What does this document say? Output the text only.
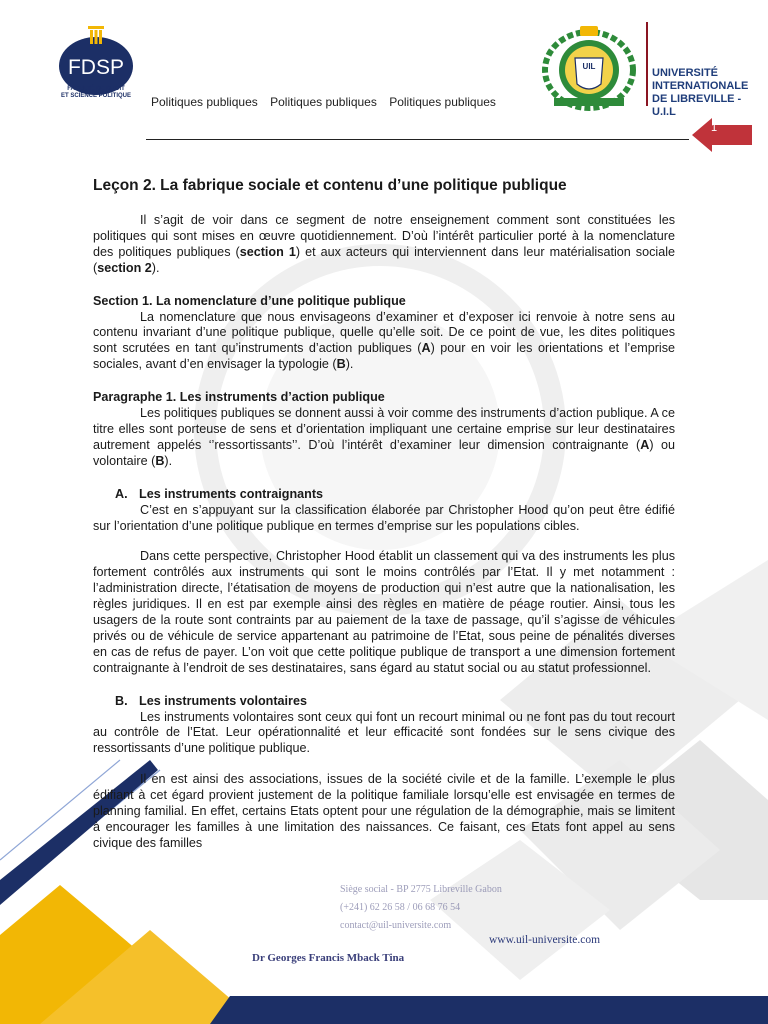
FDSP
FACULTÉ DE DROIT
ET SCIENCE POLITIQUE	Politiques publiques Politiques publiques Politiques publiques
UIL
UNIVERSITÉ
INTERNATIONALE
DE LIBREVILLE - U.I.L
1
Leçon 2. La fabrique sociale et contenu d’une politique publique

Il s’agit de voir dans ce segment de notre enseignement comment sont constituées les politiques qui sont mises en œuvre quotidiennement. D’où l’intérêt particulier porté à la nomenclature des politiques publiques (section 1) et aux acteurs qui interviennent dans leur matérialisation sociale (section 2).

Section 1. La nomenclature d’une politique publique

La nomenclature que nous envisageons d’examiner et d’exposer ici renvoie à notre sens au contenu invariant d’une politique publique, quelle qu’elle soit. De ce point de vue, les dites politiques sont scrutées en tant qu’instruments d’action publiques (A) pour en voir les orientations et l’emprise sociales, avant d’en envisager la typologie (B).

Paragraphe 1. Les instruments d’action publique

Les politiques publiques se donnent aussi à voir comme des instruments d’action publique. A ce titre elles sont porteuse de sens et d’orientation impliquant une certaine emprise sur leur destinataires autrement appelés ‘’ressortissants’’. D’où l’intérêt d’examiner leur dimension contraignante (A) ou volontaire (B).

A. Les instruments contraignants

C’est en s’appuyant sur la classification élaborée par Christopher Hood qu’on peut être édifié sur l’orientation d’une politique publique en termes d’emprise sur les populations cibles.

Dans cette perspective, Christopher Hood établit un classement qui va des instruments les plus fortement contrôlés aux instruments qui sont le moins contrôlés par l’Etat. Il y met notamment : l’administration directe, l’étatisation de moyens de production qui n’est autre que la nationalisation, les règles juridiques. Il en est par exemple ainsi des règles en matière de péage routier. Ainsi, tous les usagers de la route sont contraints par au paiement de la taxe de passage, qu’il s’agisse de véhicules privés ou de véhicule de service appartenant au patrimoine de l’Etat, sous peine de pénalités diverses en cas de refus de payer. L’on voit que cette politique publique de transport a une dimension fortement contraignante à l’endroit de ses destinataires, sans égard au statut social ou au statut professionnel.

B. Les instruments volontaires

Les instruments volontaires sont ceux qui font un recourt minimal ou ne font pas du tout recourt au contrôle de l’Etat. Leur opérationnalité et leur efficacité sont fondées sur le sens civique des ressortissants d’une politique publique.

Il en est ainsi des associations, issues de la société civile et de la famille. L’exemple le plus édifiant à cet égard provient justement de la politique familiale lorsqu’elle est envisagée en termes de planning familial. En effet, certains Etats optent pour une régulation de la démographie, mais se limitent à encourager les familles à une limitation des naissances. Ce faisant, ces Etats font appel au sens civique des familles

Siège social - BP 2775 Libreville Gabon
(+241) 62 26 58 / 06 68 76 54
contact@uil-universite.com
www.uil-universite.com
Dr Georges Francis Mback Tina
